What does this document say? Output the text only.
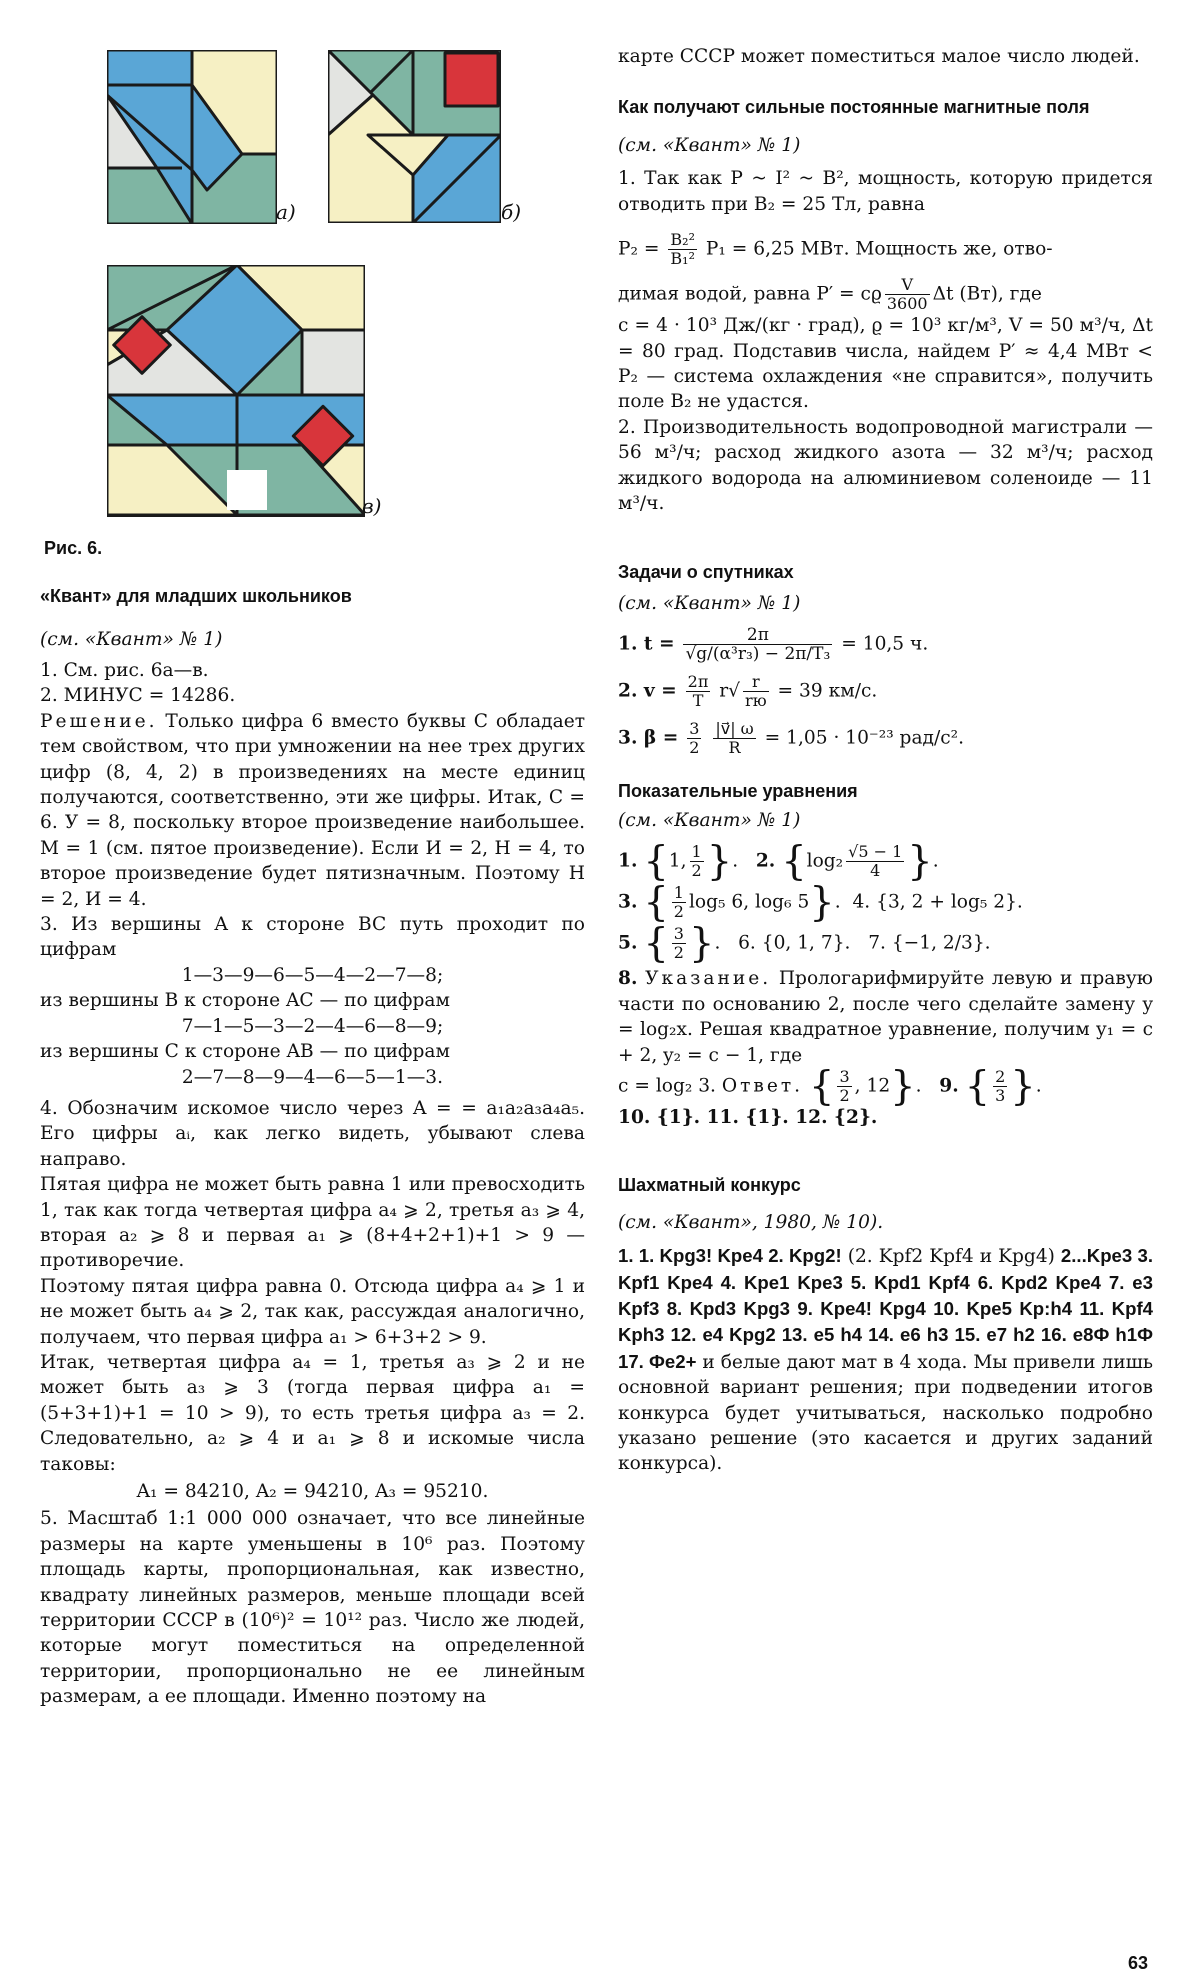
а)	б)
в)
Рис. 6.

«Квант» для младших школьников

(см. «Квант» № 1)

1. См. рис. 6а—в.

2. МИНУС = 14286.

Решение. Только цифра 6 вместо буквы С обладает тем свойством, что при умножении на нее трех других цифр (8, 4, 2) в произведениях на месте единиц получаются, соответственно, эти же цифры. Итак, С = 6. У = 8, поскольку второе произведение наибольшее. М = 1 (см. пятое произведение). Если И = 2, Н = 4, то второе произведение будет пятизначным. Поэтому Н = 2, И = 4.

3. Из вершины A к стороне BC путь проходит по цифрам

1—3—9—6—5—4—2—7—8;

из вершины B к стороне AC — по цифрам

7—1—5—3—2—4—6—8—9;

из вершины C к стороне AB — по цифрам

2—7—8—9—4—6—5—1—3.

4. Обозначим искомое число через A = = a₁a₂a₃a₄a₅. Его цифры aᵢ, как легко видеть, убывают слева направо.

Пятая цифра не может быть равна 1 или превосходить 1, так как тогда четвертая цифра a₄ ⩾ 2, третья a₃ ⩾ 4, вторая a₂ ⩾ 8 и первая a₁ ⩾ (8+4+2+1)+1 > 9 — противоречие.

Поэтому пятая цифра равна 0. Отсюда цифра a₄ ⩾ 1 и не может быть a₄ ⩾ 2, так как, рассуждая аналогично, получаем, что первая цифра a₁ > 6+3+2 > 9.

Итак, четвертая цифра a₄ = 1, третья a₃ ⩾ 2 и не может быть a₃ ⩾ 3 (тогда первая цифра a₁ = (5+3+1)+1 = 10 > 9), то есть третья цифра a₃ = 2. Следовательно, a₂ ⩾ 4 и a₁ ⩾ 8 и искомые числа таковы:

A₁ = 84210, A₂ = 94210, A₃ = 95210.

5. Масштаб 1:1 000 000 означает, что все линейные размеры на карте уменьшены в 10⁶ раз. Поэтому площадь карты, пропорциональная, как известно, квадрату линейных размеров, меньше площади всей территории СССР в (10⁶)² = 10¹² раз. Число же людей, которые могут поместиться на определенной территории, пропорционально не ее линейным размерам, а ее площади. Именно поэтому на

карте СССР может поместиться малое число людей.

Как получают сильные постоянные магнитные поля

(см. «Квант» № 1)

1. Так как P ~ I² ~ B², мощность, которую придется отводить при B₂ = 25 Тл, равна

$P_2 = \frac{\text{B₂²}}{\text{B₁²}} P_1 = 6,25$ МВт. Мощность же, отво-

димая водой, равна P′ = cϱ $\frac{V}{3600}$ Δt (Вт), где

c = 4 · 10³ Дж/(кг · град), ϱ = 10³ кг/м³, V = 50 м³/ч, Δt = 80 град. Подставив числа, найдем P′ ≈ 4,4 МВт < P₂ — система охлаждения «не справится», получить поле B₂ не удастся.

2. Производительность водопроводной магистрали — 56 м³/ч; расход жидкого азота — 32 м³/ч; расход жидкого водорода на алюминиевом соленоиде — 11 м³/ч.

Задачи о спутниках

(см. «Квант» № 1)

1. $t = \frac{2\pi}{\text{√g/(α³r₃) − 2π/T₃}} = 10,5$ ч.

2. $v = \frac{2\pi}{T} r√ \frac{r}{rю} = 39$ км/с.

3. $\beta = \frac{3}{2}$
$\frac{|v⃗| \omega}{R} = 1,05 \cdot 10^{-23}$ рад/с².

Показательные уравнения

(см. «Квант» № 1)

1. {1, $\frac{1}{2}$ }.   2. {$\log_2 \frac{√5 - 1}{4}$ }.

3. { $\frac{1}{2} \log_5$ 6, log₆ 5}.  4. {3, 2 + log₅ 2}.

5. { $\frac{3}{2}$ }.   6. {0, 1, 7}. 7. {−1, 2/3}.

8. Указание. Прологарифмируйте левую и правую части по основанию 2, после чего сделайте замену y = log₂x. Решая квадратное уравнение, получим y₁ = c + 2, y₂ = c − 1, где

c = log₂ 3. Ответ. { $\frac{3}{2}$ , 12}.   9. { $\frac{2}{3}$ }.

10. {1}. 11. {1}. 12. {2}.

Шахматный конкурс

(см. «Квант», 1980, № 10).

1. 1. Kpg3! Kpe4 2. Kpg2! (2. Kpf2 Kpf4 и Kpg4) 2...Kpe3 3. Kpf1 Kpe4 4. Kpe1 Kpe3 5. Kpd1 Kpf4 6. Kpd2 Kpe4 7. e3 Kpf3 8. Kpd3 Kpg3 9. Kpe4! Kpg4 10. Kpe5 Kp:h4 11. Kpf4 Kph3 12. e4 Kpg2 13. e5 h4 14. e6 h3 15. e7 h2 16. e8Ф h1Ф 17. Фe2+ и белые дают мат в 4 хода. Мы привели лишь основной вариант решения; при подведении итогов конкурса будет учитываться, насколько подробно указано решение (это касается и других заданий конкурса).

63
